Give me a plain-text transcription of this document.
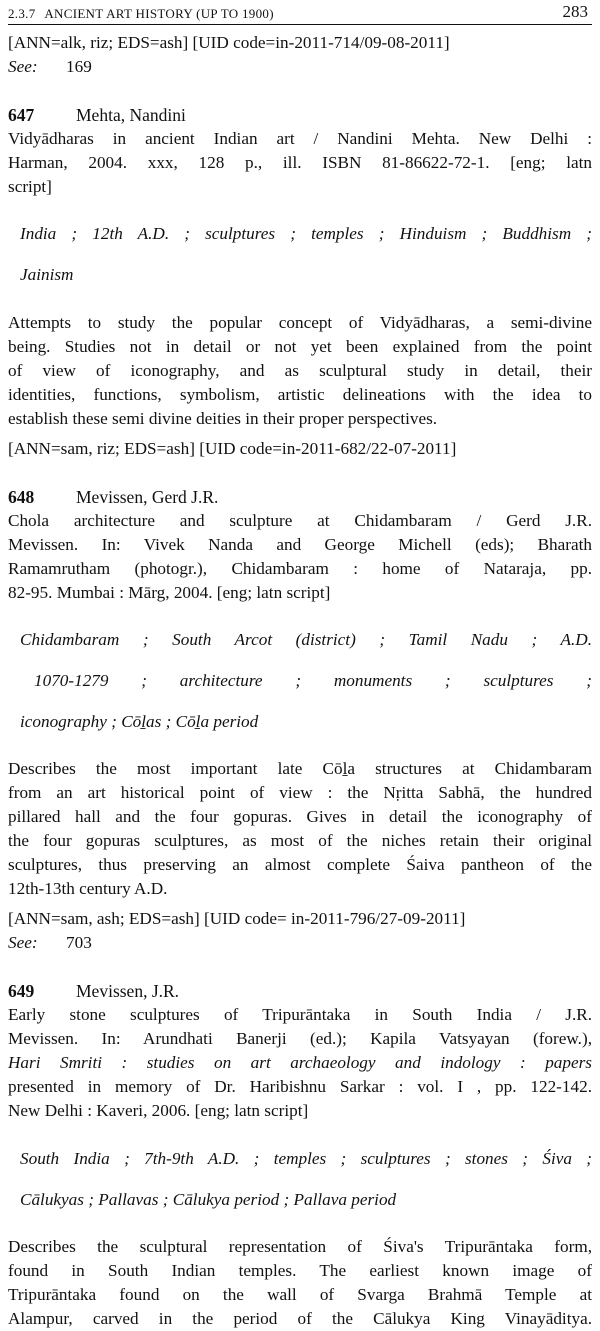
2.3.7 ANCIENT ART HISTORY (UP TO 1900)	283

[ANN=alk, riz; EDS=ash] [UID code=in-2011-714/09-08-2011]

See: 169

647 Mehta, Nandini

Vidyādharas in ancient Indian art / Nandini Mehta. New Delhi :

Harman, 2004. xxx, 128 p., ill. ISBN 81-86622-72-1. [eng; latn

script]

India ; 12th A.D. ; sculptures ; temples ; Hinduism ; Buddhism ;

Jainism

Attempts to study the popular concept of Vidyādharas, a semi-divine

being. Studies not in detail or not yet been explained from the point

of view of iconography, and as sculptural study in detail, their

identities, functions, symbolism, artistic delineations with the idea to

establish these semi divine deities in their proper perspectives.

[ANN=sam, riz; EDS=ash] [UID code=in-2011-682/22-07-2011]

648 Mevissen, Gerd J.R.

Chola architecture and sculpture at Chidambaram / Gerd J.R.

Mevissen. In: Vivek Nanda and George Michell (eds); Bharath

Ramamrutham (photogr.), Chidambaram : home of Nataraja, pp.

82-95. Mumbai : Mārg, 2004. [eng; latn script]

Chidambaram ; South Arcot (district) ; Tamil Nadu ; A.D.

1070-1279 ; architecture ; monuments ; sculptures ;

iconography ; Cōḻas ; Cōḻa period

Describes the most important late Cōḻa structures at Chidambaram

from an art historical point of view : the Nṛitta Sabhā, the hundred

pillared hall and the four gopuras. Gives in detail the iconography of

the four gopuras sculptures, as most of the niches retain their original

sculptures, thus preserving an almost complete Śaiva pantheon of the

12th-13th century A.D.

[ANN=sam, ash; EDS=ash] [UID code= in-2011-796/27-09-2011]

See: 703

649 Mevissen, J.R.

Early stone sculptures of Tripurāntaka in South India / J.R.

Mevissen. In: Arundhati Banerji (ed.); Kapila Vatsyayan (forew.),

Hari Smriti : studies on art archaeology and indology : papers

presented in memory of Dr. Haribishnu Sarkar : vol. I , pp. 122-142.

New Delhi : Kaveri, 2006. [eng; latn script]

South India ; 7th-9th A.D. ; temples ; sculptures ; stones ; Śiva ;

Cālukyas ; Pallavas ; Cālukya period ; Pallava period

Describes the sculptural representation of Śiva's Tripurāntaka form,

found in South Indian temples. The earliest known image of

Tripurāntaka found on the wall of Svarga Brahmā Temple at

Alampur, carved in the period of the Cālukya King Vinayāditya.
